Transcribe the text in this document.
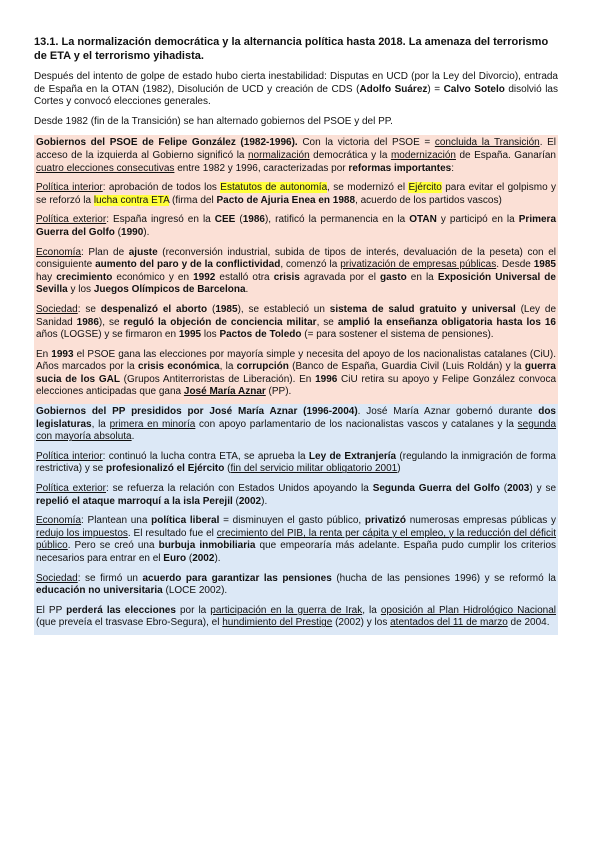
13.1. La normalización democrática y la alternancia política hasta 2018. La amenaza del terrorismo de ETA y el terrorismo yihadista.

Después del intento de golpe de estado hubo cierta inestabilidad: Disputas en UCD (por la Ley del Divorcio), entrada de España en la OTAN (1982), Disolución de UCD y creación de CDS (Adolfo Suárez) = Calvo Sotelo disolvió las Cortes y convocó elecciones generales.

Desde 1982 (fin de la Transición) se han alternado gobiernos del PSOE y del PP.

Gobiernos del PSOE de Felipe González (1982-1996). Con la victoria del PSOE = concluida la Transición. El acceso de la izquierda al Gobierno significó la normalización democrática y la modernización de España. Ganarían cuatro elecciones consecutivas entre 1982 y 1996, caracterizadas por reformas importantes:

Política interior: aprobación de todos los Estatutos de autonomía, se modernizó el Ejército para evitar el golpismo y se reforzó la lucha contra ETA (firma del Pacto de Ajuria Enea en 1988, acuerdo de los partidos vascos)

Política exterior: España ingresó en la CEE (1986), ratificó la permanencia en la OTAN y participó en la Primera Guerra del Golfo (1990).

Economía: Plan de ajuste (reconversión industrial, subida de tipos de interés, devaluación de la peseta) con el consiguiente aumento del paro y de la conflictividad, comenzó la privatización de empresas públicas. Desde 1985 hay crecimiento económico y en 1992 estalló otra crisis agravada por el gasto en la Exposición Universal de Sevilla y los Juegos Olímpicos de Barcelona.

Sociedad: se despenalizó el aborto (1985), se estableció un sistema de salud gratuito y universal (Ley de Sanidad 1986), se reguló la objeción de conciencia militar, se amplió la enseñanza obligatoria hasta los 16 años (LOGSE) y se firmaron en 1995 los Pactos de Toledo (= para sostener el sistema de pensiones).

En 1993 el PSOE gana las elecciones por mayoría simple y necesita del apoyo de los nacionalistas catalanes (CiU). Años marcados por la crisis económica, la corrupción (Banco de España, Guardia Civil (Luis Roldán) y la guerra sucia de los GAL (Grupos Antiterroristas de Liberación). En 1996 CiU retira su apoyo y Felipe González convoca elecciones anticipadas que gana José María Aznar (PP).

Gobiernos del PP presididos por José María Aznar (1996-2004). José María Aznar gobernó durante dos legislaturas, la primera en minoría con apoyo parlamentario de los nacionalistas vascos y catalanes y la segunda con mayoría absoluta.

Política interior: continuó la lucha contra ETA, se aprueba la Ley de Extranjería (regulando la inmigración de forma restrictiva) y se profesionalizó el Ejército (fin del servicio militar obligatorio 2001)

Política exterior: se refuerza la relación con Estados Unidos apoyando la Segunda Guerra del Golfo (2003) y se repelió el ataque marroquí a la isla Perejil (2002).

Economía: Plantean una política liberal = disminuyen el gasto público, privatizó numerosas empresas públicas y redujo los impuestos. El resultado fue el crecimiento del PIB, la renta per cápita y el empleo, y la reducción del déficit público. Pero se creó una burbuja inmobiliaria que empeoraría más adelante. España pudo cumplir los criterios necesarios para entrar en el Euro (2002).

Sociedad: se firmó un acuerdo para garantizar las pensiones (hucha de las pensiones 1996) y se reformó la educación no universitaria (LOCE 2002).

El PP perderá las elecciones por la participación en la guerra de Irak, la oposición al Plan Hidrológico Nacional (que preveía el trasvase Ebro-Segura), el hundimiento del Prestige (2002) y los atentados del 11 de marzo de 2004.
